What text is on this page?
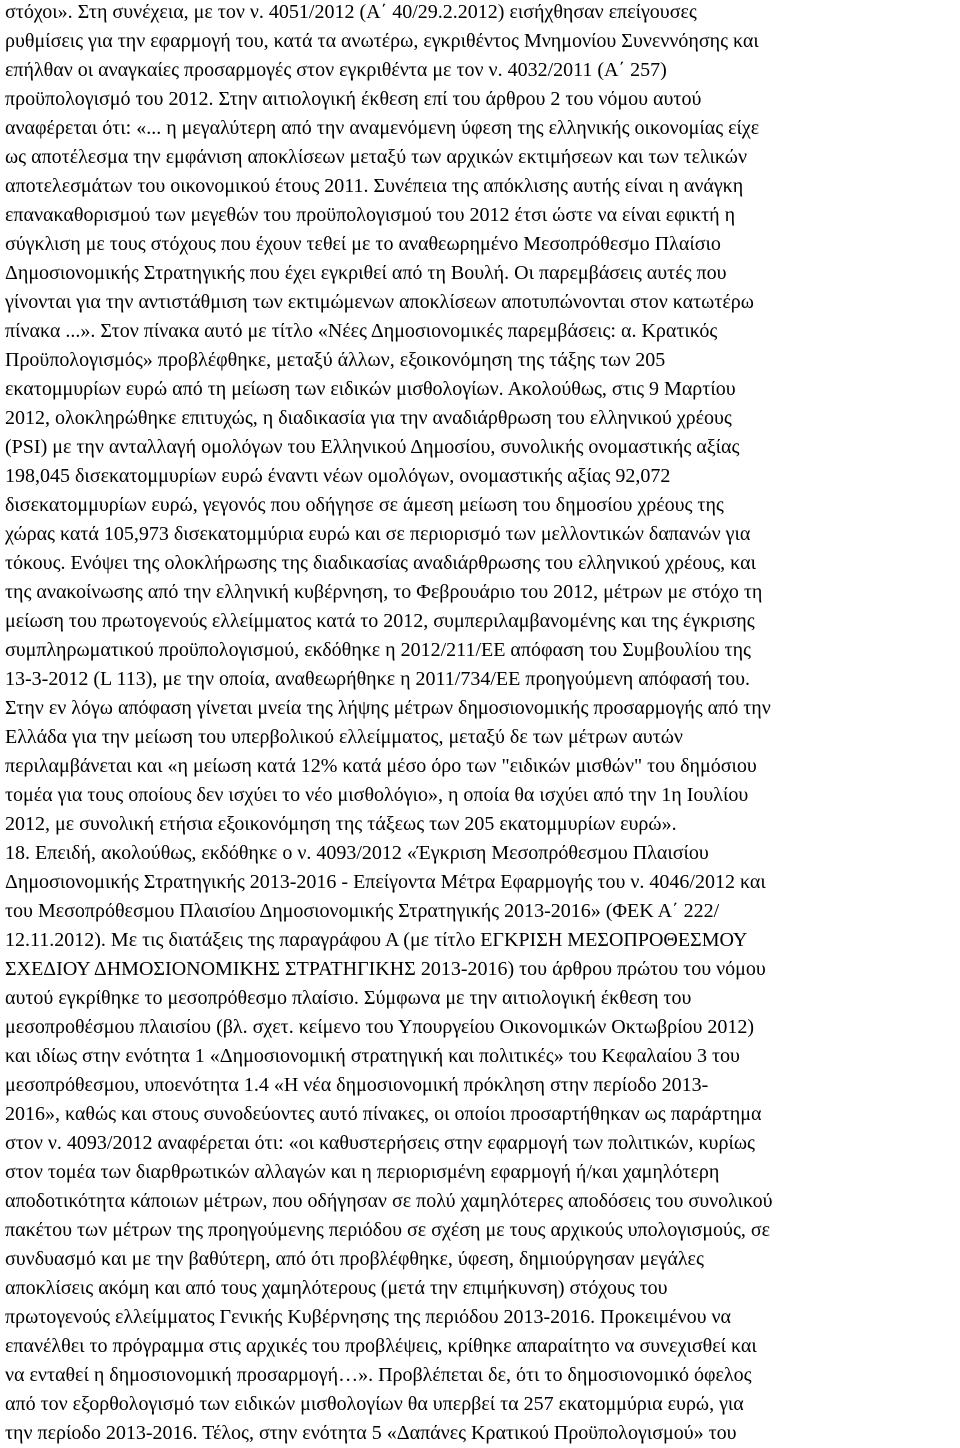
στόχοι». Στη συνέχεια, με τον ν. 4051/2012 (Α΄ 40/29.2.2012) εισήχθησαν επείγουσες
ρυθμίσεις για την εφαρμογή του, κατά τα ανωτέρω, εγκριθέντος Μνημονίου Συνεννόησης και
επήλθαν οι αναγκαίες προσαρμογές στον εγκριθέντα με τον ν. 4032/2011 (Α΄ 257)
προϋπολογισμό του 2012. Στην αιτιολογική έκθεση επί του άρθρου 2 του νόμου αυτού
αναφέρεται ότι: «... η μεγαλύτερη από την αναμενόμενη ύφεση της ελληνικής οικονομίας είχε
ως αποτέλεσμα την εμφάνιση αποκλίσεων μεταξύ των αρχικών εκτιμήσεων και των τελικών
αποτελεσμάτων του οικονομικού έτους 2011. Συνέπεια της απόκλισης αυτής είναι η ανάγκη
επανακαθορισμού των μεγεθών του προϋπολογισμού του 2012 έτσι ώστε να είναι εφικτή η
σύγκλιση με τους στόχους που έχουν τεθεί με το αναθεωρημένο Μεσοπρόθεσμο Πλαίσιο
Δημοσιονομικής Στρατηγικής που έχει εγκριθεί από τη Βουλή. Οι παρεμβάσεις αυτές που
γίνονται για την αντιστάθμιση των εκτιμώμενων αποκλίσεων αποτυπώνονται στον κατωτέρω
πίνακα ...». Στον πίνακα αυτό με τίτλο «Νέες Δημοσιονομικές παρεμβάσεις: α. Κρατικός
Προϋπολογισμός» προβλέφθηκε, μεταξύ άλλων, εξοικονόμηση της τάξης των 205
εκατομμυρίων ευρώ από τη μείωση των ειδικών μισθολογίων. Ακολούθως, στις 9 Μαρτίου
2012, ολοκληρώθηκε επιτυχώς, η διαδικασία για την αναδιάρθρωση του ελληνικού χρέους
(PSI) με την ανταλλαγή ομολόγων του Ελληνικού Δημοσίου, συνολικής ονομαστικής αξίας
198,045 δισεκατομμυρίων ευρώ έναντι νέων ομολόγων, ονομαστικής αξίας 92,072
δισεκατομμυρίων ευρώ, γεγονός που οδήγησε σε άμεση μείωση του δημοσίου χρέους της
χώρας κατά 105,973 δισεκατομμύρια ευρώ και σε περιορισμό των μελλοντικών δαπανών για
τόκους. Ενόψει της ολοκλήρωσης της διαδικασίας αναδιάρθρωσης του ελληνικού χρέους, και
της ανακοίνωσης από την ελληνική κυβέρνηση, το Φεβρουάριο του 2012, μέτρων με στόχο τη
μείωση του πρωτογενούς ελλείμματος κατά το 2012, συμπεριλαμβανομένης και της έγκρισης
συμπληρωματικού προϋπολογισμού, εκδόθηκε η 2012/211/ΕΕ απόφαση του Συμβουλίου της
13-3-2012 (L 113), με την οποία, αναθεωρήθηκε η 2011/734/ΕΕ προηγούμενη απόφασή του.
Στην εν λόγω απόφαση γίνεται μνεία της λήψης μέτρων δημοσιονομικής προσαρμογής από την
Ελλάδα για την μείωση του υπερβολικού ελλείμματος, μεταξύ δε των μέτρων αυτών
περιλαμβάνεται και «η μείωση κατά 12% κατά μέσο όρο των "ειδικών μισθών" του δημόσιου
τομέα για τους οποίους δεν ισχύει το νέο μισθολόγιο», η οποία θα ισχύει από την 1η Ιουλίου
2012, με συνολική ετήσια εξοικονόμηση της τάξεως των 205 εκατομμυρίων ευρώ».
18. Επειδή, ακολούθως, εκδόθηκε ο ν. 4093/2012 «Έγκριση Μεσοπρόθεσμου Πλαισίου
Δημοσιονομικής Στρατηγικής 2013-2016 - Επείγοντα Μέτρα Εφαρμογής του ν. 4046/2012 και
του Μεσοπρόθεσμου Πλαισίου Δημοσιονομικής Στρατηγικής 2013-2016» (ΦΕΚ Α΄ 222/
12.11.2012). Με τις διατάξεις της παραγράφου Α (με τίτλο ΕΓΚΡΙΣΗ ΜΕΣΟΠΡΟΘΕΣΜΟΥ
ΣΧΕΔΙΟΥ ΔΗΜΟΣΙΟΝΟΜΙΚΗΣ ΣΤΡΑΤΗΓΙΚΗΣ 2013-2016) του άρθρου πρώτου του νόμου
αυτού εγκρίθηκε το μεσοπρόθεσμο πλαίσιο. Σύμφωνα με την αιτιολογική έκθεση του
μεσοπροθέσμου πλαισίου (βλ. σχετ. κείμενο του Υπουργείου Οικονομικών Οκτωβρίου 2012)
και ιδίως στην ενότητα 1 «Δημοσιονομική στρατηγική και πολιτικές» του Κεφαλαίου 3 του
μεσοπρόθεσμου, υποενότητα 1.4 «Η νέα δημοσιονομική πρόκληση στην περίοδο 2013-
2016», καθώς και στους συνοδεύοντες αυτό πίνακες, οι οποίοι προσαρτήθηκαν ως παράρτημα
στον ν. 4093/2012 αναφέρεται ότι: «οι καθυστερήσεις στην εφαρμογή των πολιτικών, κυρίως
στον τομέα των διαρθρωτικών αλλαγών και η περιορισμένη εφαρμογή ή/και χαμηλότερη
αποδοτικότητα κάποιων μέτρων, που οδήγησαν σε πολύ χαμηλότερες αποδόσεις του συνολικού
πακέτου των μέτρων της προηγούμενης περιόδου σε σχέση με τους αρχικούς υπολογισμούς, σε
συνδυασμό και με την βαθύτερη, από ότι προβλέφθηκε, ύφεση, δημιούργησαν μεγάλες
αποκλίσεις ακόμη και από τους χαμηλότερους (μετά την επιμήκυνση) στόχους του
πρωτογενούς ελλείμματος Γενικής Κυβέρνησης της περιόδου 2013-2016. Προκειμένου να
επανέλθει το πρόγραμμα στις αρχικές του προβλέψεις, κρίθηκε απαραίτητο να συνεχισθεί και
να ενταθεί η δημοσιονομική προσαρμογή…». Προβλέπεται δε, ότι το δημοσιονομικό όφελος
από τον εξορθολογισμό των ειδικών μισθολογίων θα υπερβεί τα 257 εκατομμύρια ευρώ, για
την περίοδο 2013-2016. Τέλος, στην ενότητα 5 «Δαπάνες Κρατικού Προϋπολογισμού» του
